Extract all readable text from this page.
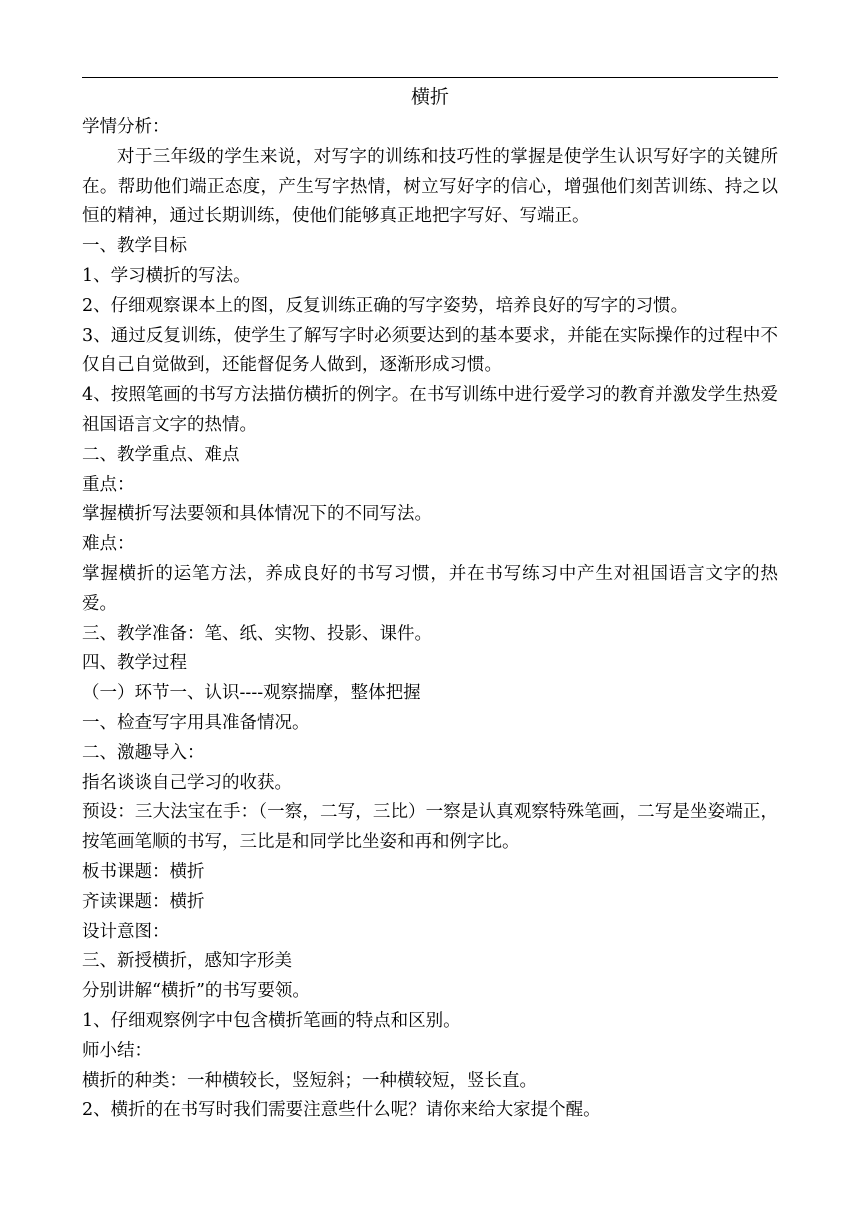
横折
学情分析：
对于三年级的学生来说，对写字的训练和技巧性的掌握是使学生认识写好字的关键所在。帮助他们端正态度，产生写字热情，树立写好字的信心，增强他们刻苦训练、持之以恒的精神，通过长期训练，使他们能够真正地把字写好、写端正。
一、教学目标
1、学习横折的写法。
2、仔细观察课本上的图，反复训练正确的写字姿势，培养良好的写字的习惯。
3、通过反复训练，使学生了解写字时必须要达到的基本要求，并能在实际操作的过程中不仅自己自觉做到，还能督促务人做到，逐渐形成习惯。
4、按照笔画的书写方法描仿横折的例字。在书写训练中进行爱学习的教育并激发学生热爱祖国语言文字的热情。
二、教学重点、难点
重点：
掌握横折写法要领和具体情况下的不同写法。
难点：
掌握横折的运笔方法，养成良好的书写习惯，并在书写练习中产生对祖国语言文字的热爱。
三、教学准备：笔、纸、实物、投影、课件。
四、教学过程
（一）环节一、认识----观察揣摩，整体把握
一、检查写字用具准备情况。
二、激趣导入：
指名谈谈自己学习的收获。
预设：三大法宝在手：（一察，二写，三比）一察是认真观察特殊笔画，二写是坐姿端正，按笔画笔顺的书写，三比是和同学比坐姿和再和例字比。
板书课题：横折
齐读课题：横折
设计意图：
三、新授横折，感知字形美
分别讲解“横折”的书写要领。
1、仔细观察例字中包含横折笔画的特点和区别。
师小结：
横折的种类：一种横较长，竖短斜；一种横较短，竖长直。
2、横折的在书写时我们需要注意些什么呢？请你来给大家提个醒。
